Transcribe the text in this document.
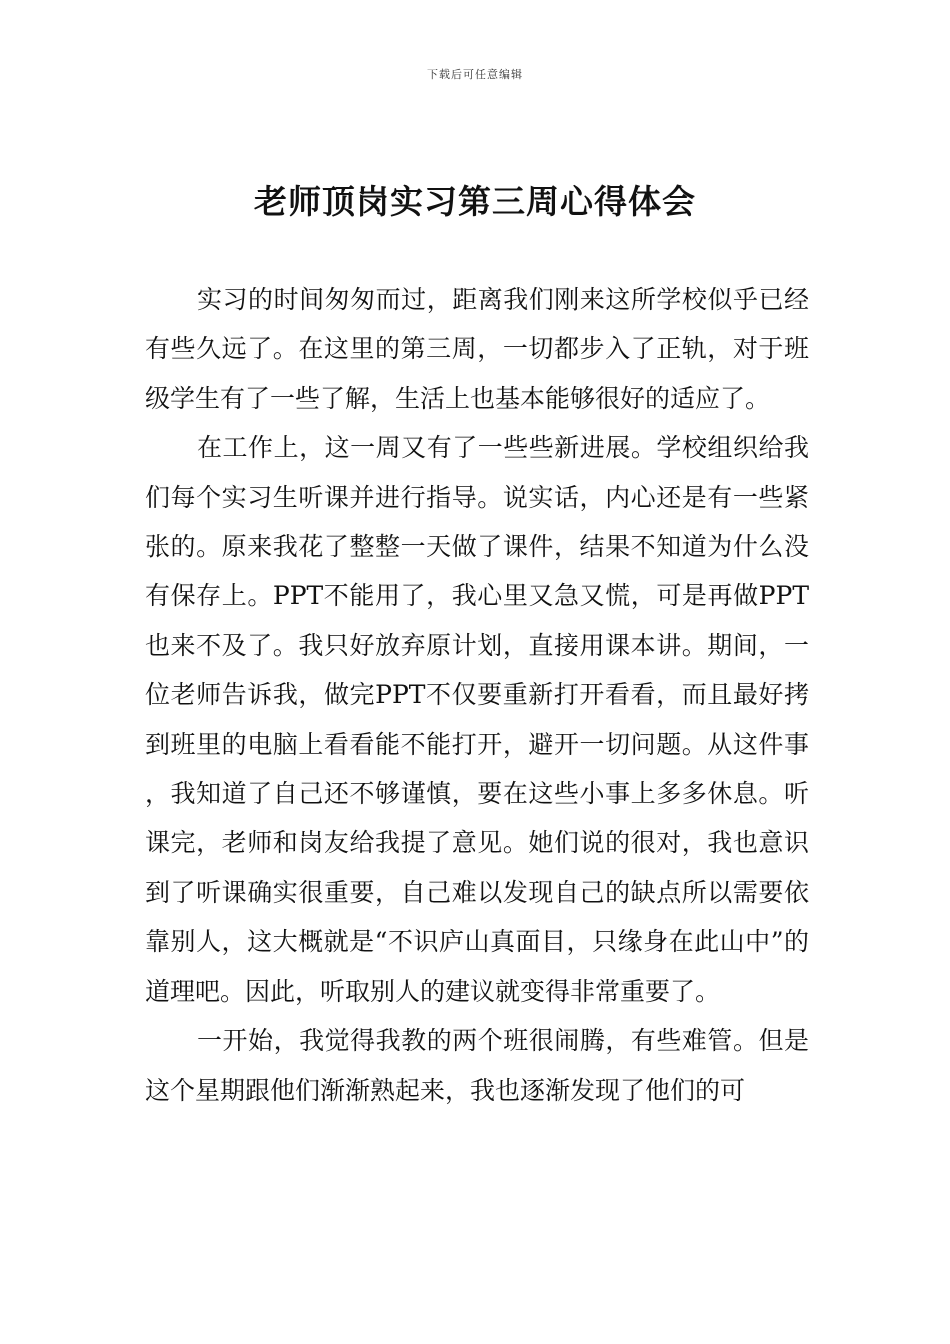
下载后可任意编辑
老师顶岗实习第三周心得体会

实习的时间匆匆而过，距离我们刚来这所学校似乎已经有些久远了。在这里的第三周，一切都步入了正轨，对于班级学生有了一些了解，生活上也基本能够很好的适应了。

在工作上，这一周又有了一些些新进展。学校组织给我们每个实习生听课并进行指导。说实话，内心还是有一些紧张的。原来我花了整整一天做了课件，结果不知道为什么没有保存上。PPT不能用了，我心里又急又慌，可是再做PPT也来不及了。我只好放弃原计划，直接用课本讲。期间，一位老师告诉我，做完PPT不仅要重新打开看看，而且最好拷到班里的电脑上看看能不能打开，避开一切问题。从这件事，我知道了自己还不够谨慎，要在这些小事上多多休息。听课完，老师和岗友给我提了意见。她们说的很对，我也意识到了听课确实很重要，自己难以发现自己的缺点所以需要依靠别人，这大概就是“不识庐山真面目，只缘身在此山中”的道理吧。因此，听取别人的建议就变得非常重要了。

一开始，我觉得我教的两个班很闹腾，有些难管。但是这个星期跟他们渐渐熟起来，我也逐渐发现了他们的可
